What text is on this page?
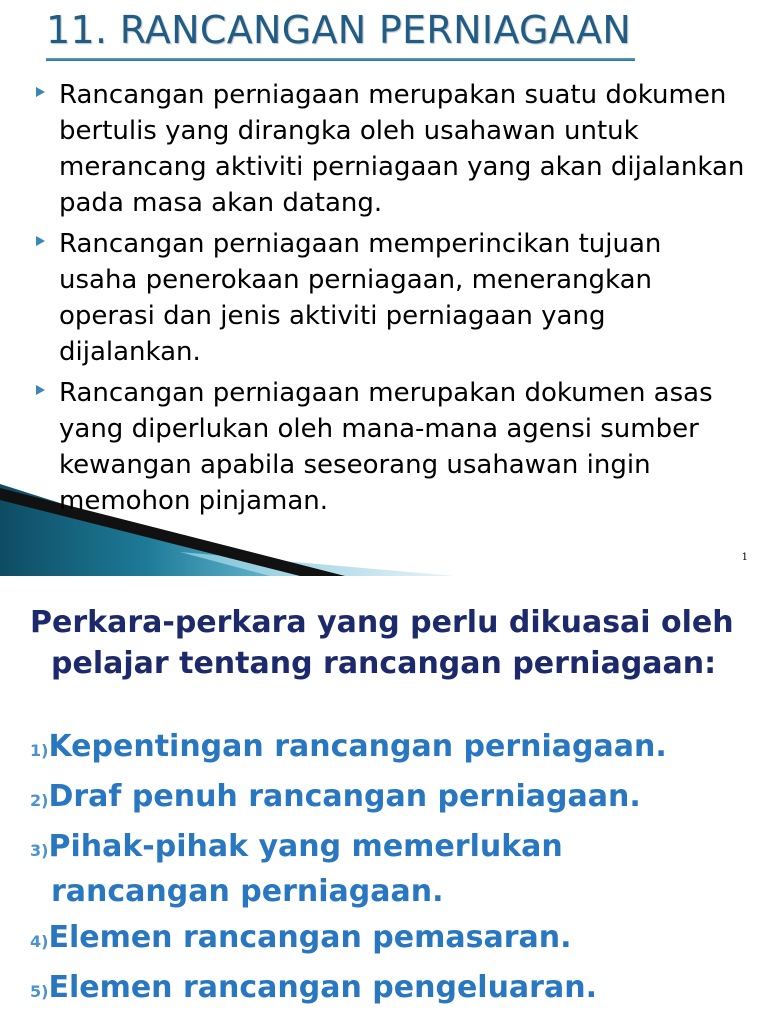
11. RANCANGAN PERNIAGAAN
Rancangan perniagaan merupakan suatu dokumen bertulis yang dirangka oleh usahawan untuk merancang aktiviti perniagaan yang akan dijalankan pada masa akan datang.
Rancangan perniagaan memperincikan tujuan usaha penerokaan perniagaan, menerangkan operasi dan jenis aktiviti perniagaan yang dijalankan.
Rancangan perniagaan merupakan dokumen asas yang diperlukan oleh mana-mana agensi sumber kewangan apabila seseorang usahawan ingin memohon pinjaman.
1

Perkara-perkara yang perlu dikuasai oleh pelajar tentang rancangan perniagaan:

1)Kepentingan rancangan perniagaan.
2)Draf penuh rancangan perniagaan.
3)Pihak-pihak yang memerlukan rancangan perniagaan.
4)Elemen rancangan pemasaran.
5)Elemen rancangan pengeluaran.
